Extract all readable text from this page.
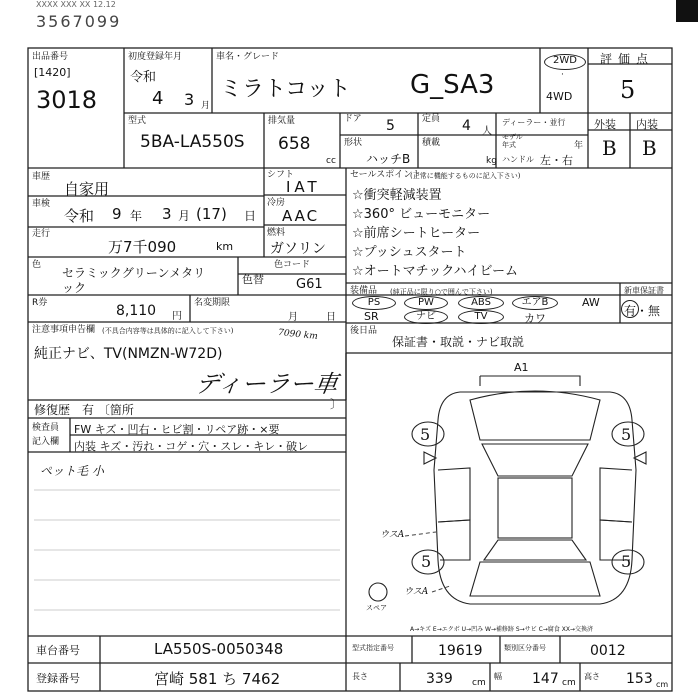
XXXX XXX XX 12.12
3567099
出品番号
[1420]
3018
初度登録年月
令和
4 3 月
車名・グレード
ミラトコット G_SA3
2WD
·
4WD
評価点
5
型式
5BA-LA550S
排気量
658
cc
ドア 5	定員 4 人
形状
ハッチB
積載
kg
ディーラー・並行
モデル年式	年
ハンドル 左・右
外装
B
内装
B
車歴
自家用
車検
令和 9 年 3 月 (17) 日
走行
万7千090	km
シフト
IAT
冷房
AAC
燃料
ガソリン
色
セラミックグリーンメタリ
ック
色替
色コード
G61
R券	8,110 円
名変期限
月	日
注意事項申告欄 (不具合内容等は具体的に記入して下さい)	7090 km
純正ナビ、TV(NMZN-W72D)
ディーラー車
修復歴 有 〔箇所	〕
セールスポイント
(正常に機能するものに記入下さい)
☆衝突軽減装置
☆360° ビューモニター
☆前席シートヒーター
☆プッシュスタート
☆オートマチックハイビーム
装備品 (純正品に限り○で囲んで下さい)
PS	PW	ABS	エアB	AW
SR	ナビ	TV	カワ
新車保証書
有・無
後日品
保証書・取説・ナビ取説
検査員
記入欄
FW キズ・凹右・ヒビ割・リペア跡・×要
内装 キズ・汚れ・コゲ・穴・スレ・キレ・破レ
ペット毛 小
A1
5	5
5	5
ウスA
ウスA
スペア
A→キズ E→エクボ U→凹み W→補修跡 S→サビ C→腐食 XX→交換済
車台番号	LA550S-0050348
登録番号	宮崎 581 ち 7462
型式指定番号	19619	類別区分番号	0012
長さ	339 cm
幅 147 cm
高さ 153 cm
